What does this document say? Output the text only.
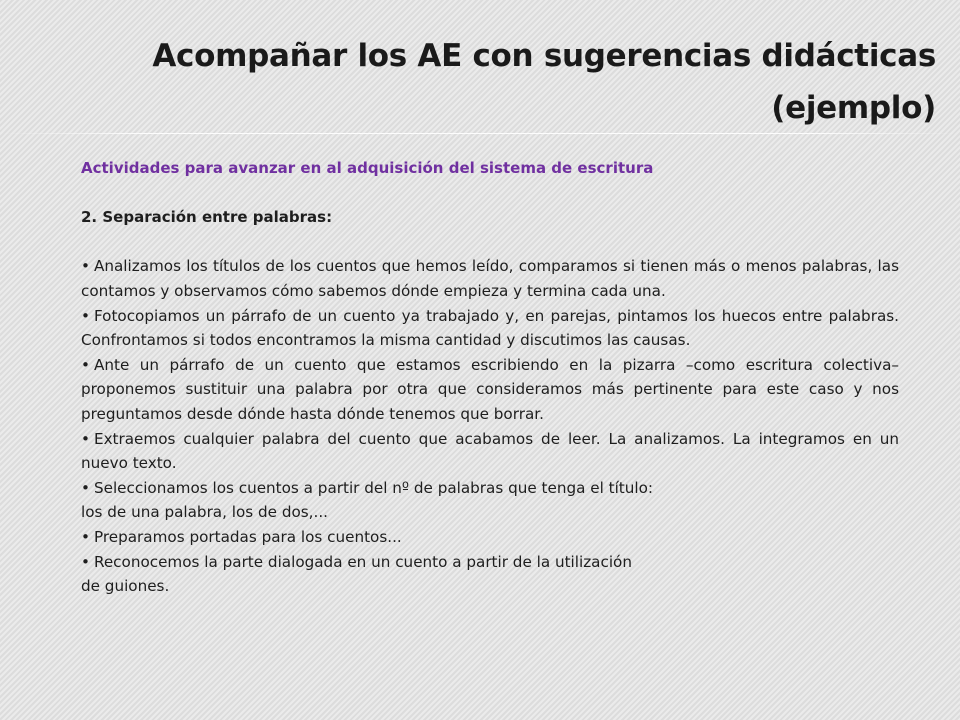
Acompañar los AE con sugerencias didácticas
(ejemplo)

Actividades para avanzar en al adquisición del sistema de escritura

2. Separación entre palabras:

• Analizamos los títulos de los cuentos que hemos leído, comparamos si tienen más o menos palabras, las contamos y observamos cómo sabemos dónde empieza y termina cada una.

• Fotocopiamos un párrafo de un cuento ya trabajado y, en parejas, pintamos los huecos entre palabras. Confrontamos si todos encontramos la misma cantidad y discutimos las causas.

• Ante un párrafo de un cuento que estamos escribiendo en la pizarra –como escritura colectiva– proponemos sustituir una palabra por otra que consideramos más pertinente para este caso y nos preguntamos desde dónde hasta dónde tenemos que borrar.

• Extraemos cualquier palabra del cuento que acabamos de leer. La analizamos. La integramos en un nuevo texto.

• Seleccionamos los cuentos a partir del nº de palabras que tenga el título:

los de una palabra, los de dos,...

• Preparamos portadas para los cuentos...

• Reconocemos la parte dialogada en un cuento a partir de la utilización

de guiones.
